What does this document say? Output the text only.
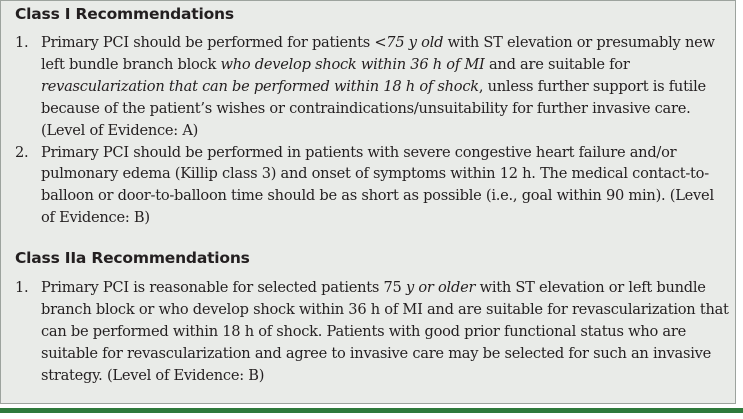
Class I Recommendations
1. Primary PCI should be performed for patients <75 y old with ST elevation or presumably new left bundle branch block who develop shock within 36 h of MI and are suitable for revascularization that can be performed within 18 h of shock, unless further support is futile because of the patient’s wishes or contraindications/unsuitability for further invasive care. (Level of Evidence: A)
2. Primary PCI should be performed in patients with severe congestive heart failure and/or pulmonary edema (Killip class 3) and onset of symptoms within 12 h. The medical contact-to-balloon or door-to-balloon time should be as short as possible (i.e., goal within 90 min). (Level of Evidence: B)
Class IIa Recommendations
1. Primary PCI is reasonable for selected patients 75 y or older with ST elevation or left bundle branch block or who develop shock within 36 h of MI and are suitable for revascularization that can be performed within 18 h of shock. Patients with good prior functional status who are suitable for revascularization and agree to invasive care may be selected for such an invasive strategy. (Level of Evidence: B)
